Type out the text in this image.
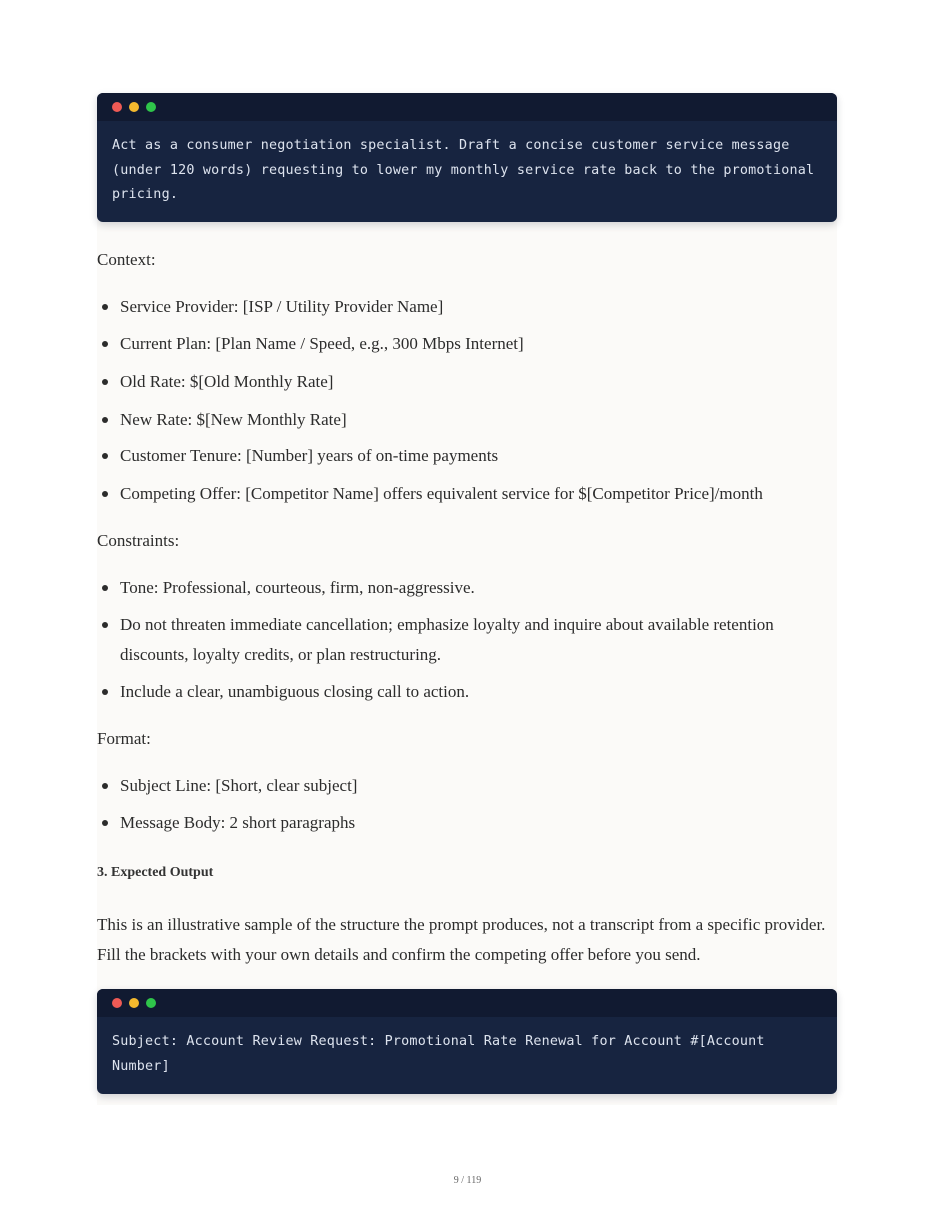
Act as a consumer negotiation specialist. Draft a concise customer service message (under 120 words) requesting to lower my monthly service rate back to the promotional pricing.
Context:
Service Provider: [ISP / Utility Provider Name]
Current Plan: [Plan Name / Speed, e.g., 300 Mbps Internet]
Old Rate: $[Old Monthly Rate]
New Rate: $[New Monthly Rate]
Customer Tenure: [Number] years of on-time payments
Competing Offer: [Competitor Name] offers equivalent service for $[Competitor Price]/month
Constraints:
Tone: Professional, courteous, firm, non-aggressive.
Do not threaten immediate cancellation; emphasize loyalty and inquire about available retention discounts, loyalty credits, or plan restructuring.
Include a clear, unambiguous closing call to action.
Format:
Subject Line: [Short, clear subject]
Message Body: 2 short paragraphs
3. Expected Output
This is an illustrative sample of the structure the prompt produces, not a transcript from a specific provider. Fill the brackets with your own details and confirm the competing offer before you send.
Subject: Account Review Request: Promotional Rate Renewal for Account #[Account Number]
9 / 119
